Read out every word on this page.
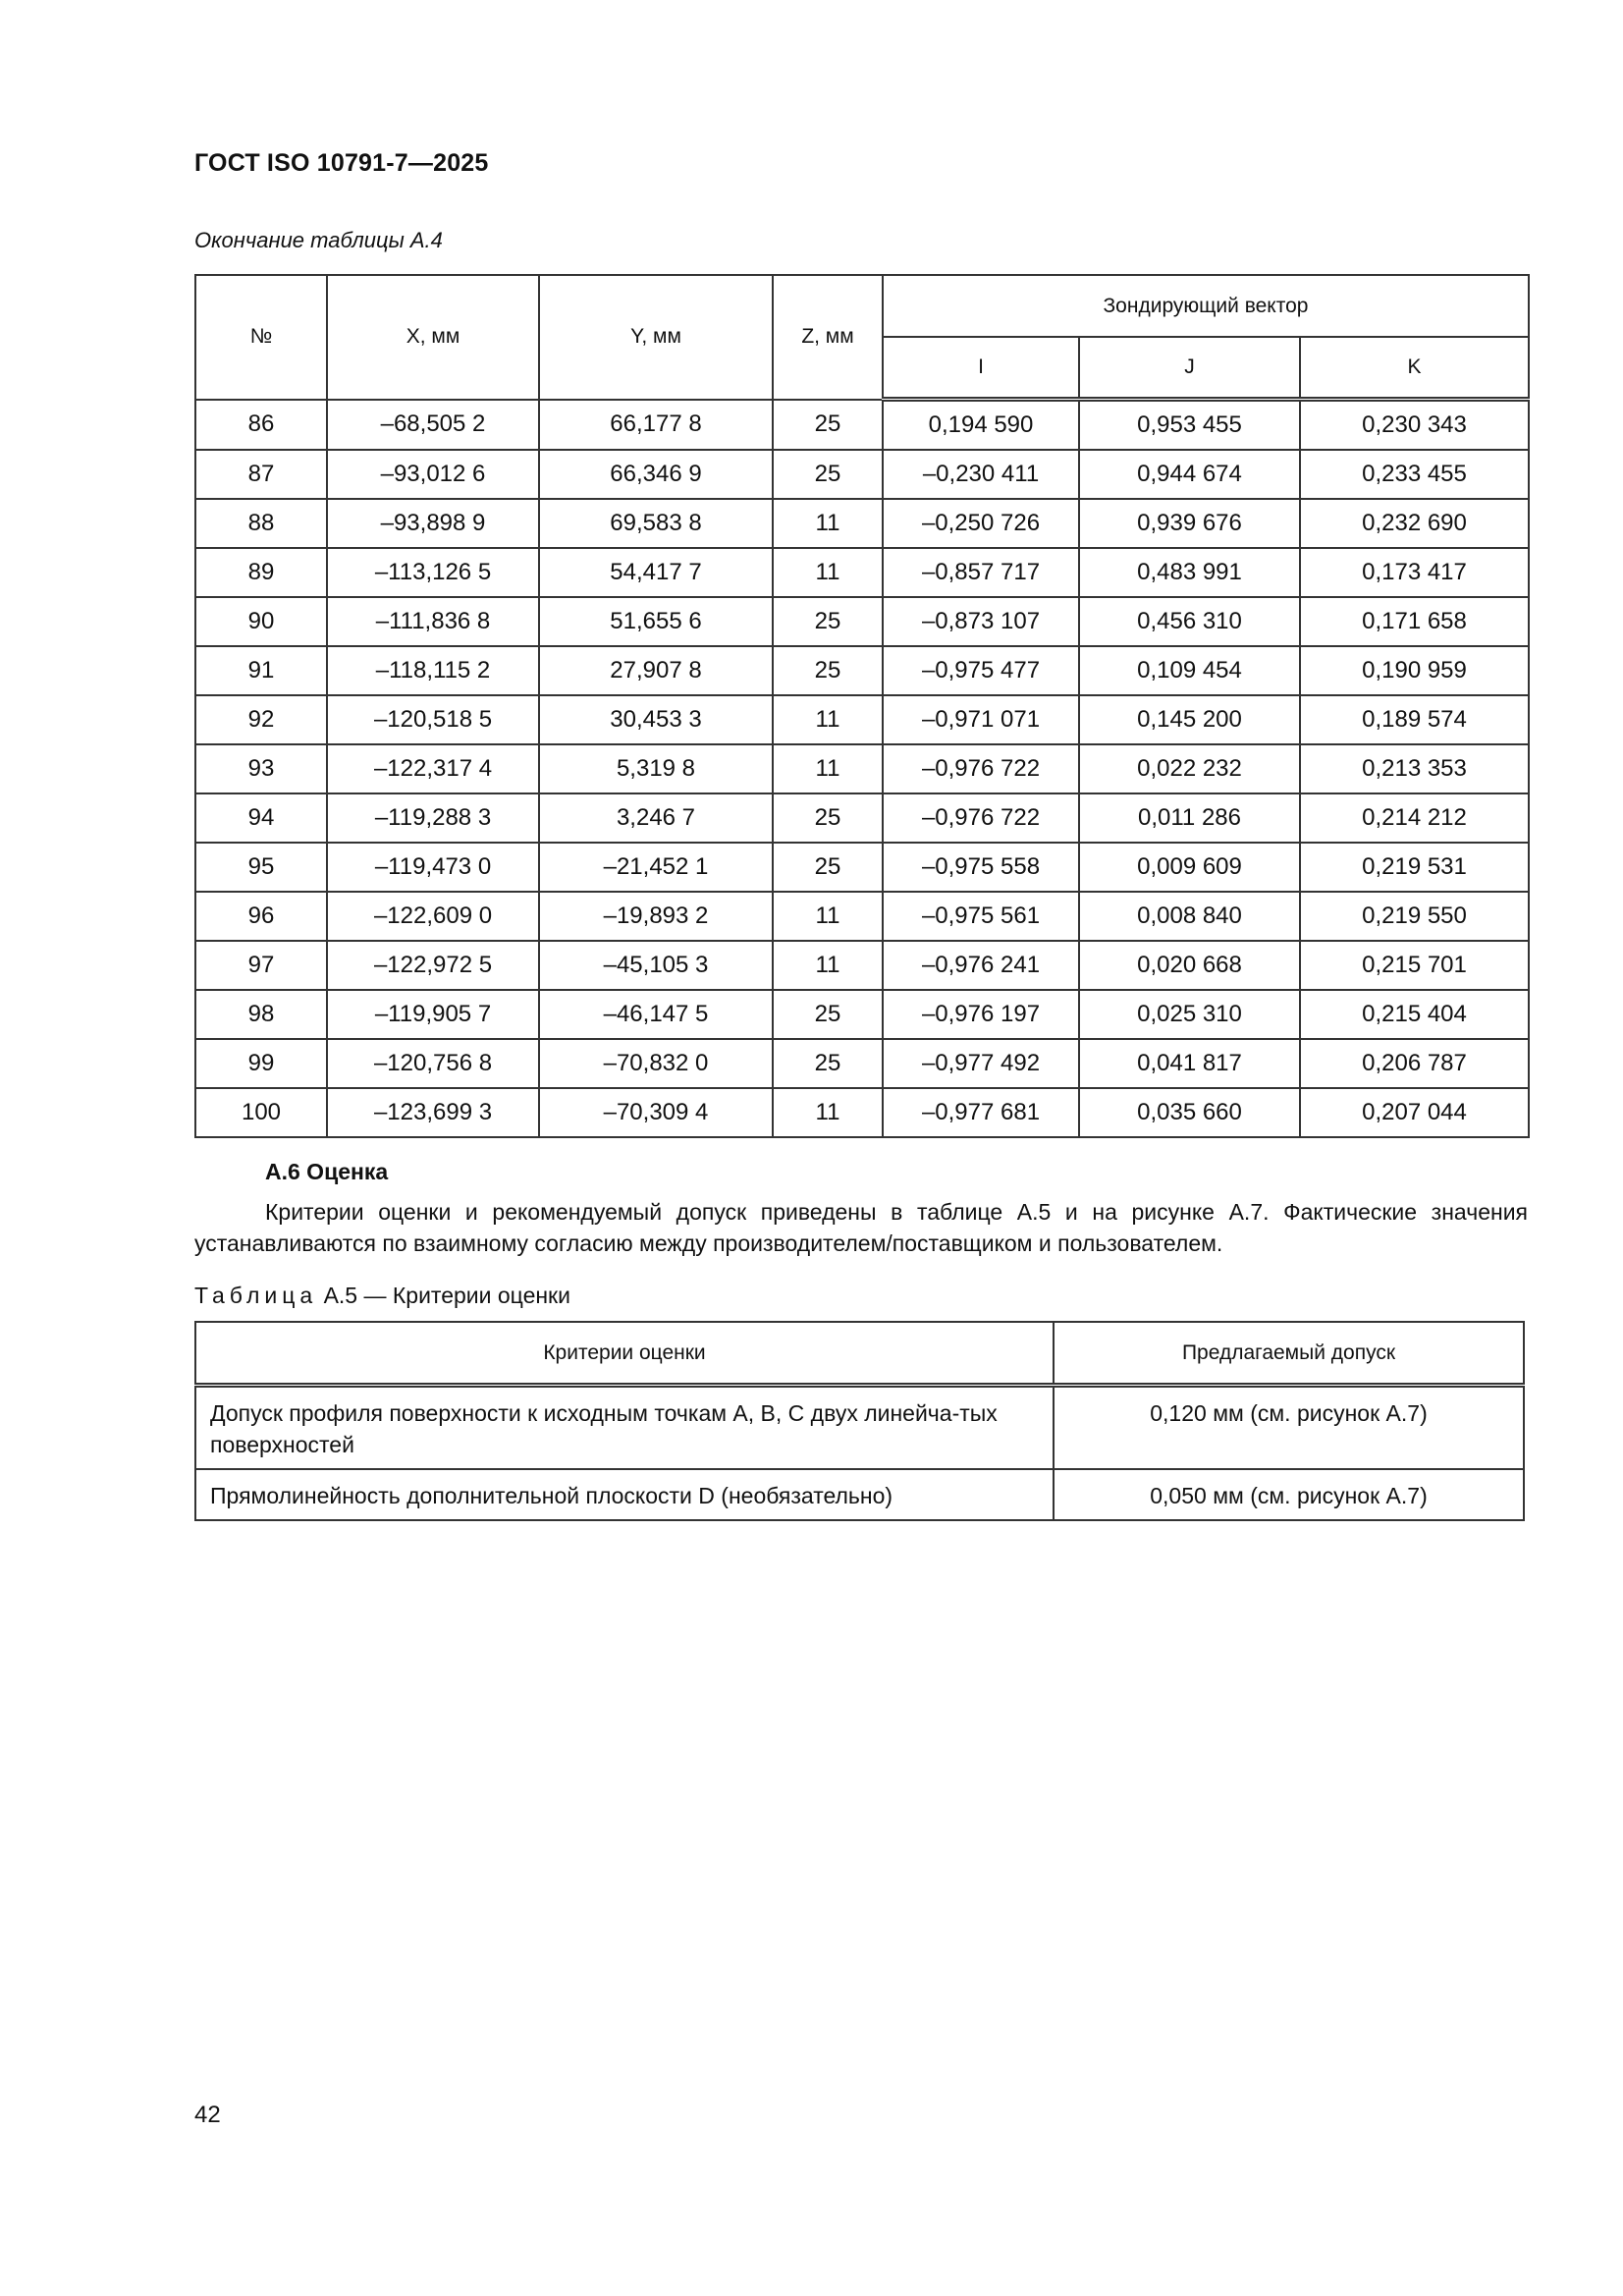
ГОСТ ISO 10791-7—2025
Окончание таблицы А.4
№	X, мм	Y, мм	Z, мм	Зондирующий вектор		
				I	J	K
86	–68,505 2	66,177 8	25	0,194 590	0,953 455	0,230 343
87	–93,012 6	66,346 9	25	–0,230 411	0,944 674	0,233 455
88	–93,898 9	69,583 8	11	–0,250 726	0,939 676	0,232 690
89	–113,126 5	54,417 7	11	–0,857 717	0,483 991	0,173 417
90	–111,836 8	51,655 6	25	–0,873 107	0,456 310	0,171 658
91	–118,115 2	27,907 8	25	–0,975 477	0,109 454	0,190 959
92	–120,518 5	30,453 3	11	–0,971 071	0,145 200	0,189 574
93	–122,317 4	5,319 8	11	–0,976 722	0,022 232	0,213 353
94	–119,288 3	3,246 7	25	–0,976 722	0,011 286	0,214 212
95	–119,473 0	–21,452 1	25	–0,975 558	0,009 609	0,219 531
96	–122,609 0	–19,893 2	11	–0,975 561	0,008 840	0,219 550
97	–122,972 5	–45,105 3	11	–0,976 241	0,020 668	0,215 701
98	–119,905 7	–46,147 5	25	–0,976 197	0,025 310	0,215 404
99	–120,756 8	–70,832 0	25	–0,977 492	0,041 817	0,206 787
100	–123,699 3	–70,309 4	11	–0,977 681	0,035 660	0,207 044
А.6 Оценка
Критерии оценки и рекомендуемый допуск приведены в таблице А.5 и на рисунке А.7. Фактические значения устанавливаются по взаимному согласию между производителем/поставщиком и пользователем.
Таблица А.5 — Критерии оценки
Критерии оценки	Предлагаемый допуск
Допуск профиля поверхности к исходным точкам А, В, С двух линейча-тых поверхностей	0,120 мм (см. рисунок А.7)
Прямолинейность дополнительной плоскости D (необязательно)	0,050 мм (см. рисунок А.7)
42
